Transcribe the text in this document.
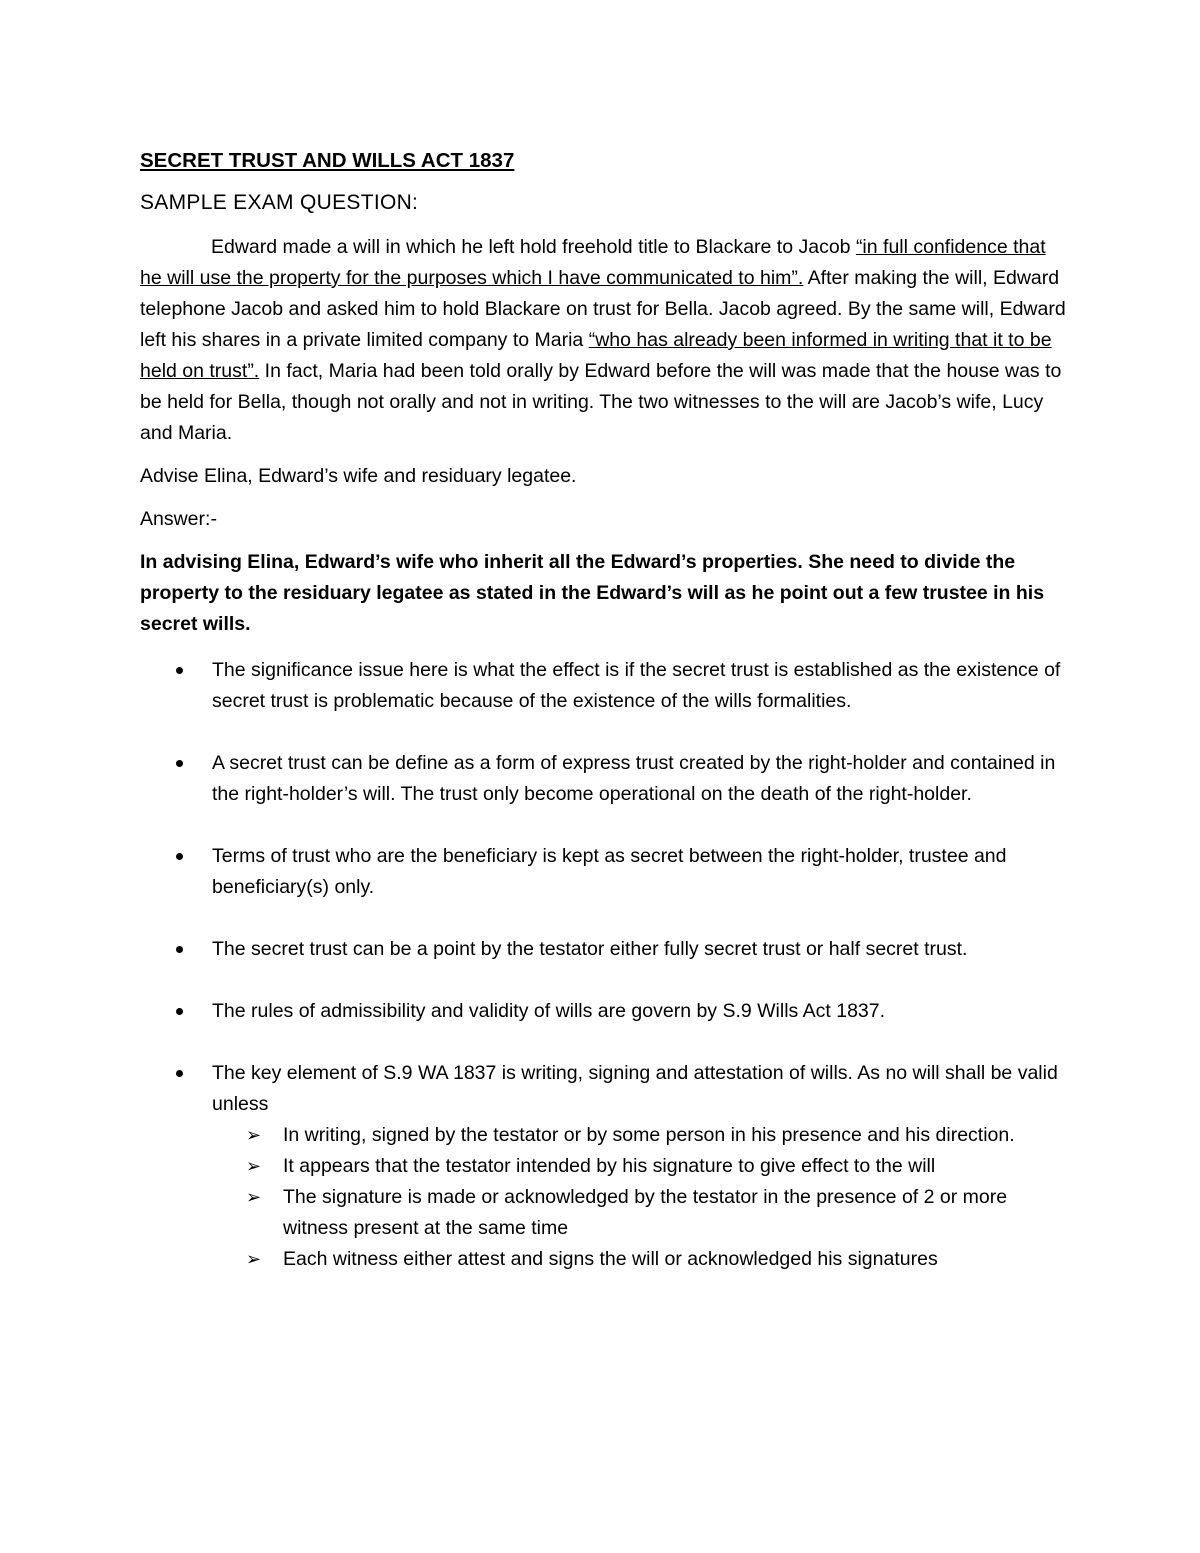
SECRET TRUST AND WILLS ACT 1837
SAMPLE EXAM QUESTION:

Edward made a will in which he left hold freehold title to Blackare to Jacob “in full confidence that he will use the property for the purposes which I have communicated to him”. After making the will, Edward telephone Jacob and asked him to hold Blackare on trust for Bella. Jacob agreed. By the same will, Edward left his shares in a private limited company to Maria “who has already been informed in writing that it to be held on trust”. In fact, Maria had been told orally by Edward before the will was made that the house was to be held for Bella, though not orally and not in writing. The two witnesses to the will are Jacob’s wife, Lucy and Maria.

Advise Elina, Edward’s wife and residuary legatee.

Answer:-

In advising Elina, Edward’s wife who inherit all the Edward’s properties. She need to divide the property to the residuary legatee as stated in the Edward’s will as he point out a few trustee in his secret wills.

The significance issue here is what the effect is if the secret trust is established as the existence of secret trust is problematic because of the existence of the wills formalities.
A secret trust can be define as a form of express trust created by the right-holder and contained in the right-holder’s will. The trust only become operational on the death of the right-holder.
Terms of trust who are the beneficiary is kept as secret between the right-holder, trustee and beneficiary(s) only.
The secret trust can be a point by the testator either fully secret trust or half secret trust.
The rules of admissibility and validity of wills are govern by S.9 Wills Act 1837.
The key element of S.9 WA 1837 is writing, signing and attestation of wills. As no will shall be valid unless
➢	In writing, signed by the testator or by some person in his presence and his direction.
➢	It appears that the testator intended by his signature to give effect to the will
➢	The signature is made or acknowledged by the testator in the presence of 2 or more witness present at the same time
➢	Each witness either attest and signs the will or acknowledged his signatures
